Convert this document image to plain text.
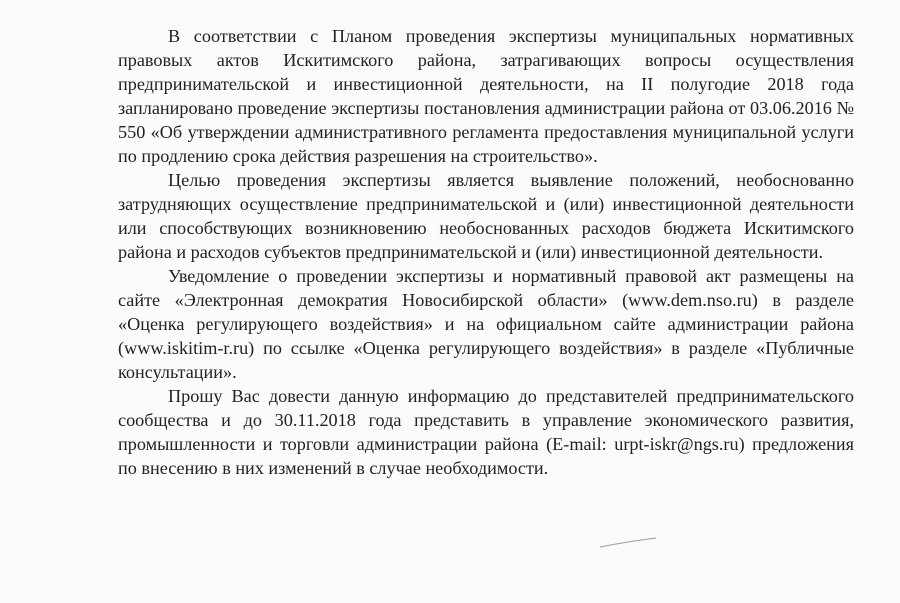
В соответствии с Планом проведения экспертизы муниципальных нормативных правовых актов Искитимского района, затрагивающих вопросы осуществления предпринимательской и инвестиционной деятельности, на II полугодие 2018 года запланировано проведение экспертизы постановления администрации района от 03.06.2016 № 550 «Об утверждении административного регламента предоставления муниципальной услуги по продлению срока действия разрешения на строительство».

Целью проведения экспертизы является выявление положений, необоснованно затрудняющих осуществление предпринимательской и (или) инвестиционной деятельности или способствующих возникновению необоснованных расходов бюджета Искитимского района и расходов субъектов предпринимательской и (или) инвестиционной деятельности.

Уведомление о проведении экспертизы и нормативный правовой акт размещены на сайте «Электронная демократия Новосибирской области» (www.dem.nso.ru) в разделе «Оценка регулирующего воздействия» и на официальном сайте администрации района (www.iskitim-r.ru) по ссылке «Оценка регулирующего воздействия» в разделе «Публичные консультации».

Прошу Вас довести данную информацию до представителей предпринимательского сообщества и до 30.11.2018 года представить в управление экономического развития, промышленности и торговли администрации района (E-mail: urpt-iskr@ngs.ru) предложения по внесению в них изменений в случае необходимости.
